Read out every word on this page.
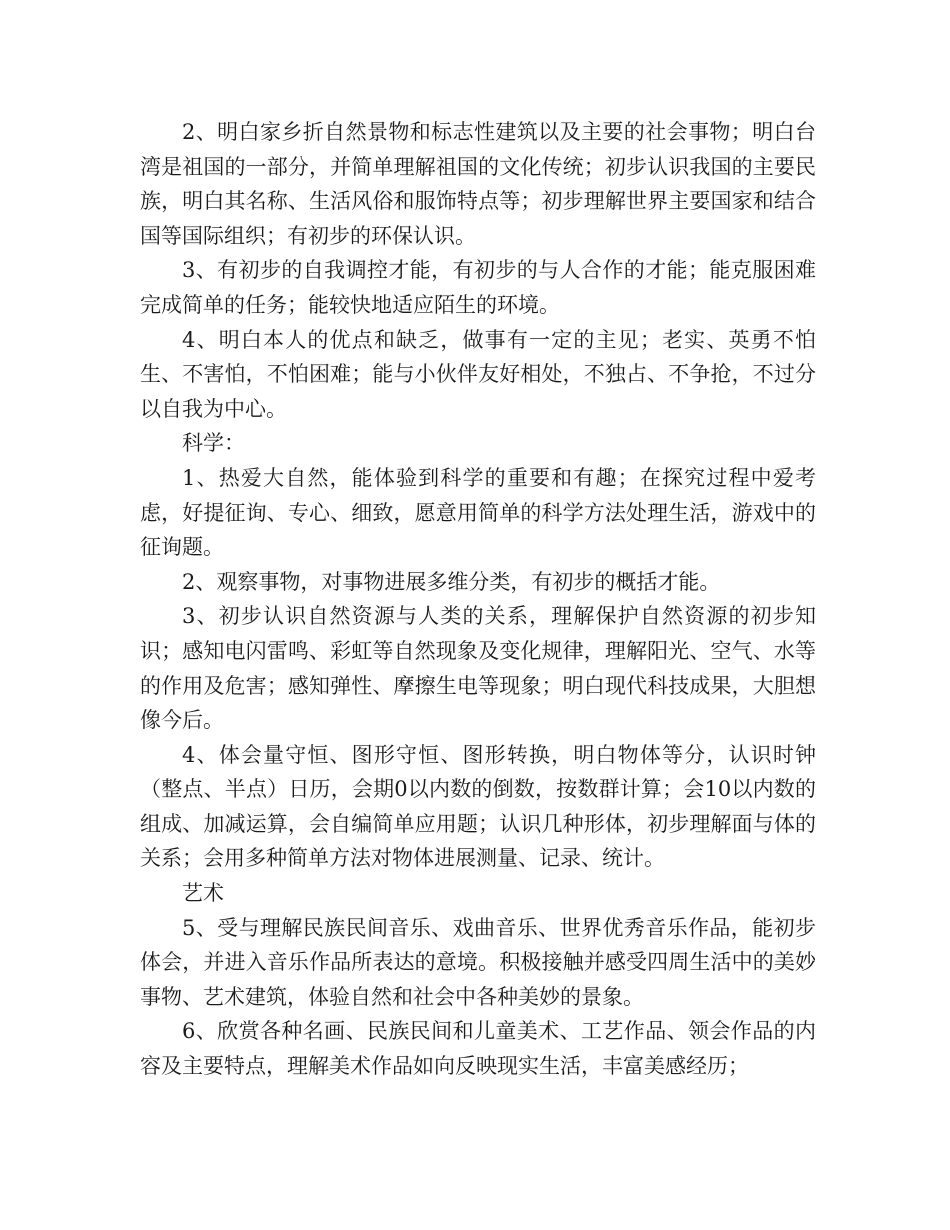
2、明白家乡折自然景物和标志性建筑以及主要的社会事物；明白台湾是祖国的一部分，并简单理解祖国的文化传统；初步认识我国的主要民族，明白其名称、生活风俗和服饰特点等；初步理解世界主要国家和结合国等国际组织；有初步的环保认识。

3、有初步的自我调控才能，有初步的与人合作的才能；能克服困难完成简单的任务；能较快地适应陌生的环境。

4、明白本人的优点和缺乏，做事有一定的主见；老实、英勇不怕生、不害怕，不怕困难；能与小伙伴友好相处，不独占、不争抢，不过分以自我为中心。

科学：

1、热爱大自然，能体验到科学的重要和有趣；在探究过程中爱考虑，好提征询、专心、细致，愿意用简单的科学方法处理生活，游戏中的征询题。

2、观察事物，对事物进展多维分类，有初步的概括才能。

3、初步认识自然资源与人类的关系，理解保护自然资源的初步知识；感知电闪雷鸣、彩虹等自然现象及变化规律，理解阳光、空气、水等的作用及危害；感知弹性、摩擦生电等现象；明白现代科技成果，大胆想像今后。

4、体会量守恒、图形守恒、图形转换，明白物体等分，认识时钟（整点、半点）日历，会期0以内数的倒数，按数群计算；会10以内数的组成、加减运算，会自编简单应用题；认识几种形体，初步理解面与体的关系；会用多种简单方法对物体进展测量、记录、统计。

艺术

5、受与理解民族民间音乐、戏曲音乐、世界优秀音乐作品，能初步体会，并进入音乐作品所表达的意境。积极接触并感受四周生活中的美妙事物、艺术建筑，体验自然和社会中各种美妙的景象。

6、欣赏各种名画、民族民间和儿童美术、工艺作品、领会作品的内容及主要特点，理解美术作品如向反映现实生活，丰富美感经历；
